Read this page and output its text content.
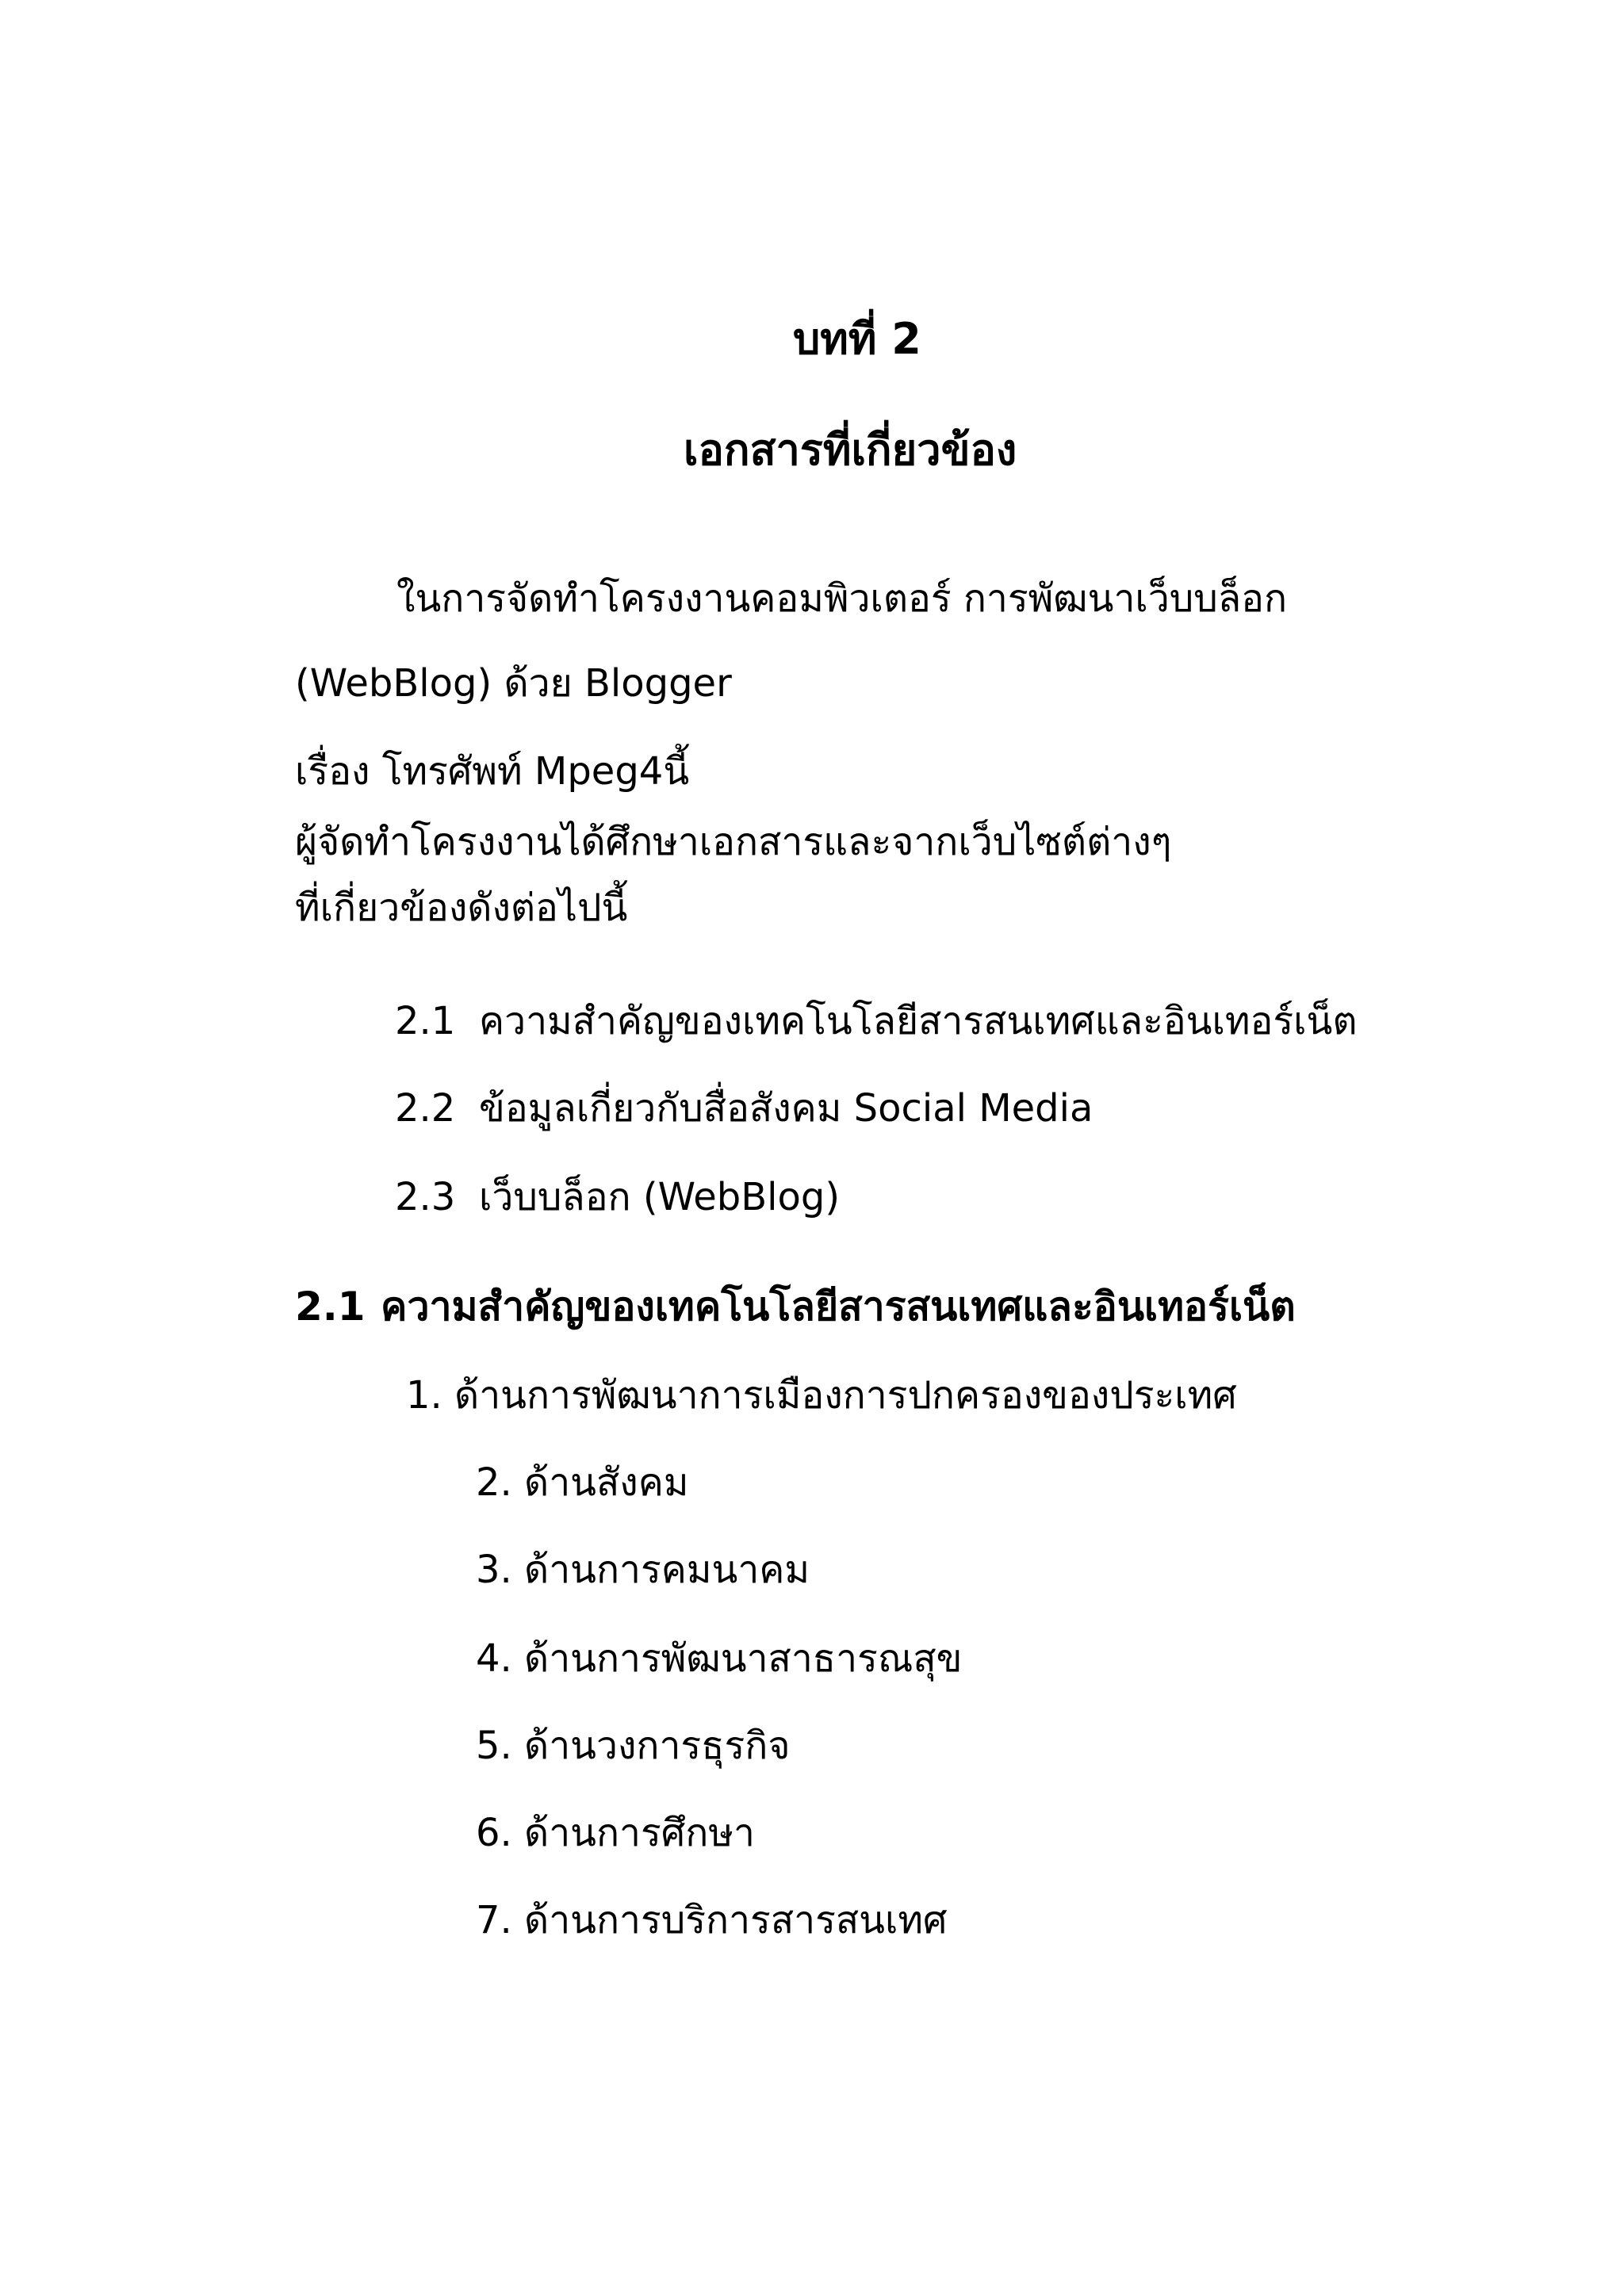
บทที่ 2
เอกสารที่เกี่ยวข้อง

ในการจัดทำโครงงานคอมพิวเตอร์ การพัฒนาเว็บบล็อก

(WebBlog) ด้วย Blogger

เรื่อง โทรศัพท์ Mpeg4นี้

ผู้จัดทำโครงงานได้ศึกษาเอกสารและจากเว็บไซต์ต่างๆ

ที่เกี่ยวข้องดังต่อไปนี้

2.1 ความสำคัญของเทคโนโลยีสารสนเทศและอินเทอร์เน็ต
2.2 ข้อมูลเกี่ยวกับสื่อสังคม Social Media
2.3 เว็บบล็อก (WebBlog)
2.1 ความสำคัญของเทคโนโลยีสารสนเทศและอินเทอร์เน็ต

1. ด้านการพัฒนาการเมืองการปกครองของประเทศ

2. ด้านสังคม

3. ด้านการคมนาคม

4. ด้านการพัฒนาสาธารณสุข

5. ด้านวงการธุรกิจ

6. ด้านการศึกษา

7. ด้านการบริการสารสนเทศ
